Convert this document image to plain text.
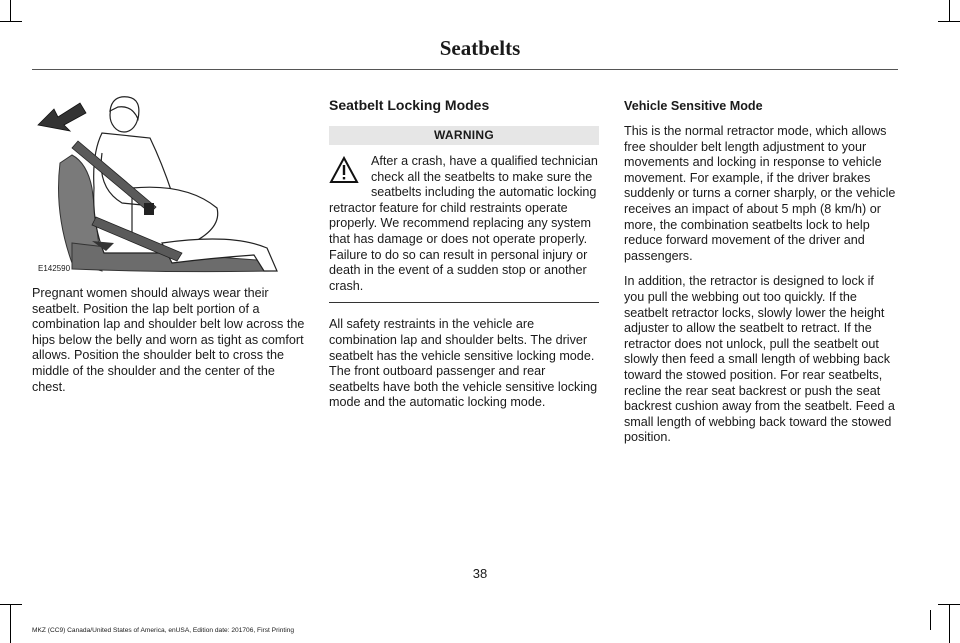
Seatbelts
E142590

Pregnant women should always wear their seatbelt. Position the lap belt portion of a combination lap and shoulder belt low across the hips below the belly and worn as tight as comfort allows. Position the shoulder belt to cross the middle of the shoulder and the center of the chest.

Seatbelt Locking Modes
WARNING
After a crash, have a qualified technician check all the seatbelts to make sure the seatbelts including the automatic locking retractor feature for child restraints operate properly. We recommend replacing any system that has damage or does not operate properly. Failure to do so can result in personal injury or death in the event of a sudden stop or another crash.

All safety restraints in the vehicle are combination lap and shoulder belts. The driver seatbelt has the vehicle sensitive locking mode. The front outboard passenger and rear seatbelts have both the vehicle sensitive locking mode and the automatic locking mode.

Vehicle Sensitive Mode

This is the normal retractor mode, which allows free shoulder belt length adjustment to your movements and locking in response to vehicle movement. For example, if the driver brakes suddenly or turns a corner sharply, or the vehicle receives an impact of about 5 mph (8 km/h) or more, the combination seatbelts lock to help reduce forward movement of the driver and passengers.

In addition, the retractor is designed to lock if you pull the webbing out too quickly. If the seatbelt retractor locks, slowly lower the height adjuster to allow the seatbelt to retract. If the retractor does not unlock, pull the seatbelt out slowly then feed a small length of webbing back toward the stowed position. For rear seatbelts, recline the rear seat backrest or push the seat backrest cushion away from the seatbelt. Feed a small length of webbing back toward the stowed position.

38
MKZ (CC9) Canada/United States of America, enUSA, Edition date: 201706, First Printing
